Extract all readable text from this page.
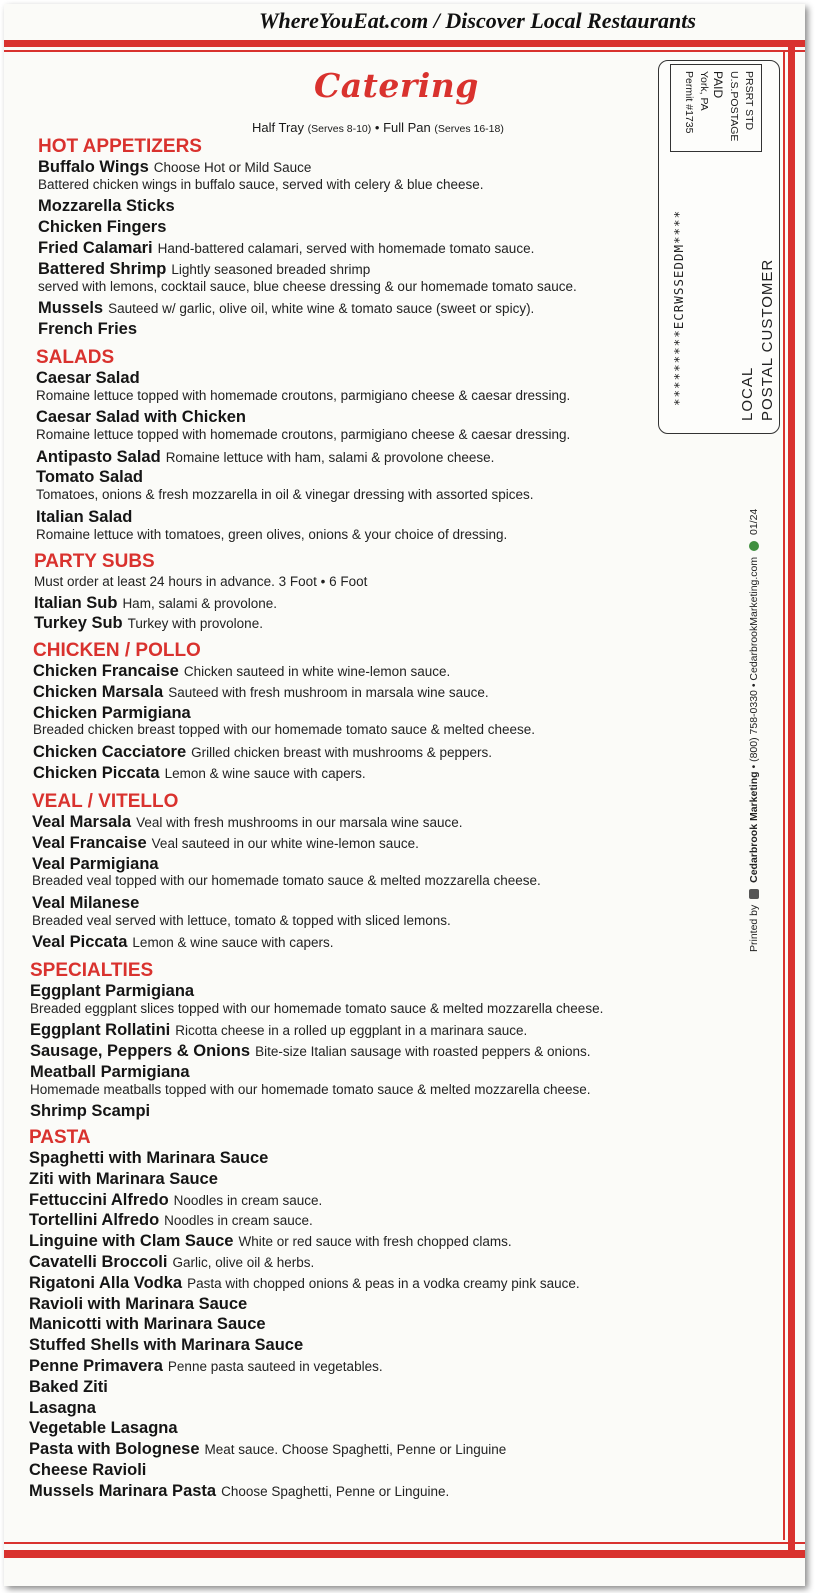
WhereYouEat.com / Discover Local Restaurants
Catering
Half Tray (Serves 8-10) • Full Pan (Serves 16-18)
*********ECRWSSEDDM****	LOCAL POSTAL CUSTOMER
PRSRT STD
U.S.POSTAGE
PAID
York, PA
Permit #1735
Printed by  Cedarbrook Marketing • (800) 758-0330 • CedarbrookMarketing.com  01/24
HOT APPETIZERS
Buffalo Wings Choose Hot or Mild Sauce
Battered chicken wings in buffalo sauce, served with celery & blue cheese.
Mozzarella Sticks
Chicken Fingers
Fried Calamari Hand-battered calamari, served with homemade tomato sauce.
Battered Shrimp Lightly seasoned breaded shrimp
served with lemons, cocktail sauce, blue cheese dressing & our homemade tomato sauce.
Mussels Sauteed w/ garlic, olive oil, white wine & tomato sauce (sweet or spicy).
French Fries
SALADS
Caesar Salad
Romaine lettuce topped with homemade croutons, parmigiano cheese & caesar dressing.
Caesar Salad with Chicken
Romaine lettuce topped with homemade croutons, parmigiano cheese & caesar dressing.
Antipasto Salad Romaine lettuce with ham, salami & provolone cheese.
Tomato Salad
Tomatoes, onions & fresh mozzarella in oil & vinegar dressing with assorted spices.
Italian Salad
Romaine lettuce with tomatoes, green olives, onions & your choice of dressing.
PARTY SUBS
Must order at least 24 hours in advance. 3 Foot • 6 Foot
Italian Sub Ham, salami & provolone.
Turkey Sub Turkey with provolone.
CHICKEN / POLLO
Chicken Francaise Chicken sauteed in white wine-lemon sauce.
Chicken Marsala Sauteed with fresh mushroom in marsala wine sauce.
Chicken Parmigiana
Breaded chicken breast topped with our homemade tomato sauce & melted cheese.
Chicken Cacciatore Grilled chicken breast with mushrooms & peppers.
Chicken Piccata Lemon & wine sauce with capers.
VEAL / VITELLO
Veal Marsala Veal with fresh mushrooms in our marsala wine sauce.
Veal Francaise Veal sauteed in our white wine-lemon sauce.
Veal Parmigiana
Breaded veal topped with our homemade tomato sauce & melted mozzarella cheese.
Veal Milanese
Breaded veal served with lettuce, tomato & topped with sliced lemons.
Veal Piccata Lemon & wine sauce with capers.
SPECIALTIES
Eggplant Parmigiana
Breaded eggplant slices topped with our homemade tomato sauce & melted mozzarella cheese.
Eggplant Rollatini Ricotta cheese in a rolled up eggplant in a marinara sauce.
Sausage, Peppers & Onions Bite-size Italian sausage with roasted peppers & onions.
Meatball Parmigiana
Homemade meatballs topped with our homemade tomato sauce & melted mozzarella cheese.
Shrimp Scampi
PASTA
Spaghetti with Marinara Sauce
Ziti with Marinara Sauce
Fettuccini Alfredo Noodles in cream sauce.
Tortellini Alfredo Noodles in cream sauce.
Linguine with Clam Sauce White or red sauce with fresh chopped clams.
Cavatelli Broccoli Garlic, olive oil & herbs.
Rigatoni Alla Vodka Pasta with chopped onions & peas in a vodka creamy pink sauce.
Ravioli with Marinara Sauce
Manicotti with Marinara Sauce
Stuffed Shells with Marinara Sauce
Penne Primavera Penne pasta sauteed in vegetables.
Baked Ziti
Lasagna
Vegetable Lasagna
Pasta with Bolognese Meat sauce. Choose Spaghetti, Penne or Linguine
Cheese Ravioli
Mussels Marinara Pasta Choose Spaghetti, Penne or Linguine.
